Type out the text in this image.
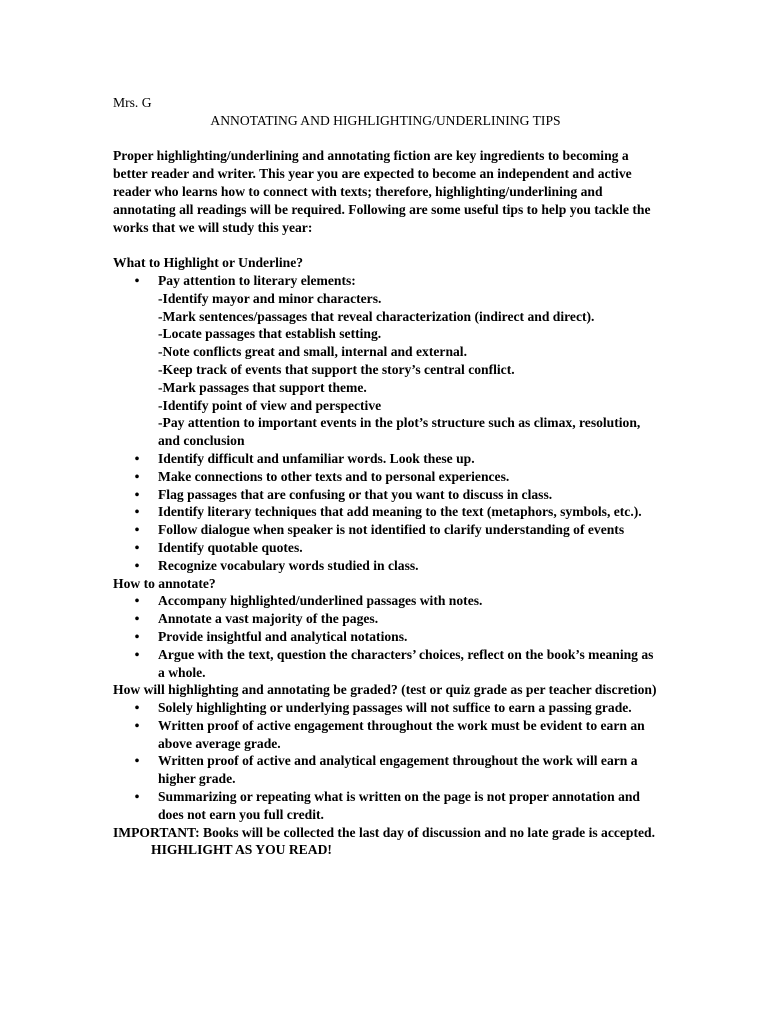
Mrs. G
ANNOTATING AND HIGHLIGHTING/UNDERLINING TIPS
Proper highlighting/underlining and annotating fiction are key ingredients to becoming a better reader and writer. This year you are expected to become an independent and active reader who learns how to connect with texts; therefore, highlighting/underlining and annotating all readings will be required. Following are some useful tips to help you tackle the works that we will study this year:
What to Highlight or Underline?
• Pay attention to literary elements:
-Identify mayor and minor characters.
-Mark sentences/passages that reveal characterization (indirect and direct).
-Locate passages that establish setting.
-Note conflicts great and small, internal and external.
-Keep track of events that support the story’s central conflict.
-Mark passages that support theme.
-Identify point of view and perspective
-Pay attention to important events in the plot’s structure such as climax, resolution, and conclusion
• Identify difficult and unfamiliar words. Look these up.
• Make connections to other texts and to personal experiences.
• Flag passages that are confusing or that you want to discuss in class.
• Identify literary techniques that add meaning to the text (metaphors, symbols, etc.).
• Follow dialogue when speaker is not identified to clarify understanding of events
• Identify quotable quotes.
• Recognize vocabulary words studied in class.
How to annotate?
• Accompany highlighted/underlined passages with notes.
• Annotate a vast majority of the pages.
• Provide insightful and analytical notations.
• Argue with the text, question the characters’ choices, reflect on the book’s meaning as a whole.
How will highlighting and annotating be graded? (test or quiz grade as per teacher discretion)
• Solely highlighting or underlying passages will not suffice to earn a passing grade.
• Written proof of active engagement throughout the work must be evident to earn an above average grade.
• Written proof of active and analytical engagement throughout the work will earn a higher grade.
• Summarizing or repeating what is written on the page is not proper annotation and does not earn you full credit.
IMPORTANT: Books will be collected the last day of discussion and no late grade is accepted. HIGHLIGHT AS YOU READ!
